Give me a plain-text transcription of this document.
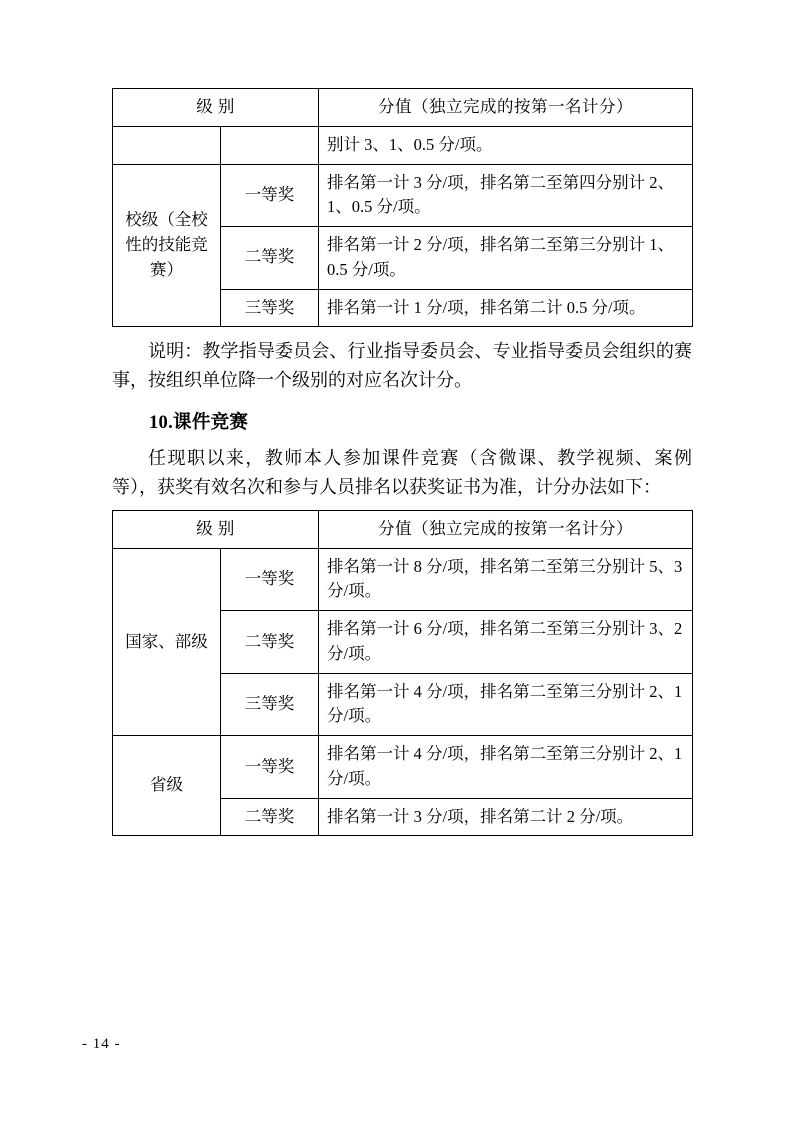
级 别		分值（独立完成的按第一名计分）
		别计 3、1、0.5 分/项。
校级（全校性的技能竞赛）	一等奖	排名第一计 3 分/项，排名第二至第四分别计 2、1、0.5 分/项。
	二等奖	排名第一计 2 分/项，排名第二至第三分别计 1、0.5 分/项。
	三等奖	排名第一计 1 分/项，排名第二计 0.5 分/项。

说明：教学指导委员会、行业指导委员会、专业指导委员会组织的赛事，按组织单位降一个级别的对应名次计分。

10.课件竞赛

任现职以来，教师本人参加课件竞赛（含微课、教学视频、案例等），获奖有效名次和参与人员排名以获奖证书为准，计分办法如下：

级 别		分值（独立完成的按第一名计分）
国家、部级	一等奖	排名第一计 8 分/项，排名第二至第三分别计 5、3 分/项。
	二等奖	排名第一计 6 分/项，排名第二至第三分别计 3、2 分/项。
	三等奖	排名第一计 4 分/项，排名第二至第三分别计 2、1 分/项。
省级	一等奖	排名第一计 4 分/项，排名第二至第三分别计 2、1 分/项。
	二等奖	排名第一计 3 分/项，排名第二计 2 分/项。
- 14 -
